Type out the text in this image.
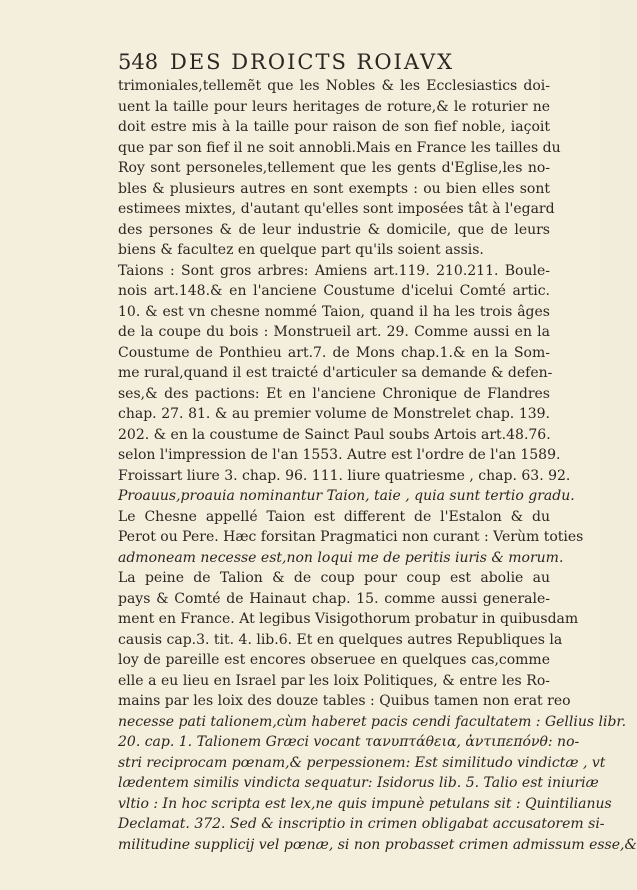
548 DES DROICTS ROIAVX
trimoniales,tellemẽt que les Nobles & les Ecclesiastics doi-
uent la taille pour leurs heritages de roture,& le roturier ne
doit estre mis à la taille pour raison de son fief noble, iaçoit
que par son fief il ne soit annobli.Mais en France les tailles du
Roy sont personeles,tellement que les gents d'Eglise,les no-
bles & plusieurs autres en sont exempts : ou bien elles sont
estimees mixtes, d'autant qu'elles sont imposées tât à l'egard
des persones & de leur industrie & domicile, que de leurs
biens & facultez en quelque part qu'ils soient assis.
Taions : Sont gros arbres: Amiens art.119. 210.211. Boule-
nois art.148.& en l'anciene Coustume d'icelui Comté artic.
10. & est vn chesne nommé Taion, quand il ha les trois âges
de la coupe du bois : Monstrueil art. 29. Comme aussi en la
Coustume de Ponthieu art.7. de Mons chap.1.& en la Som-
me rural,quand il est traicté d'articuler sa demande & defen-
ses,& des pactions: Et en l'anciene Chronique de Flandres
chap. 27. 81. & au premier volume de Monstrelet chap. 139.
202. & en la coustume de Sainct Paul soubs Artois art.48.76.
selon l'impression de l'an 1553. Autre est l'ordre de l'an 1589.
Froissart liure 3. chap. 96. 111. liure quatriesme , chap. 63. 92.
Proauus,proauia nominantur Taion, taie , quia sunt tertio gradu.
Le Chesne appellé Taion est different de l'Estalon & du
Perot ou Pere. Hæc forsitan Pragmatici non curant : Verùm toties
admoneam necesse est,non loqui me de peritis iuris & morum.
La peine de Talion & de coup pour coup est abolie au
pays & Comté de Hainaut chap. 15. comme aussi generale-
ment en France. At legibus Visigothorum probatur in quibusdam
causis cap.3. tit. 4. lib.6. Et en quelques autres Republiques la
loy de pareille est encores obseruee en quelques cas,comme
elle a eu lieu en Israel par les loix Politiques, & entre les Ro-
mains par les loix des douze tables : Quibus tamen non erat reo
necesse pati talionem,cùm haberet pacis cendi facultatem : Gellius libr.
20. cap. 1. Talionem Græci vocant τανυπτάθεια, ἀντιπεπόνθ: no-
stri reciprocam pœnam,& perpessionem: Est similitudo vindictæ , vt
lædentem similis vindicta sequatur: Isidorus lib. 5. Talio est iniuriæ
vltio : In hoc scripta est lex,ne quis impunè petulans sit : Quintilianus
Declamat. 372. Sed & inscriptio in crimen obligabat accusatorem si-
militudine supplicij vel pœnæ, si non probasset crimen admissum esse,&
